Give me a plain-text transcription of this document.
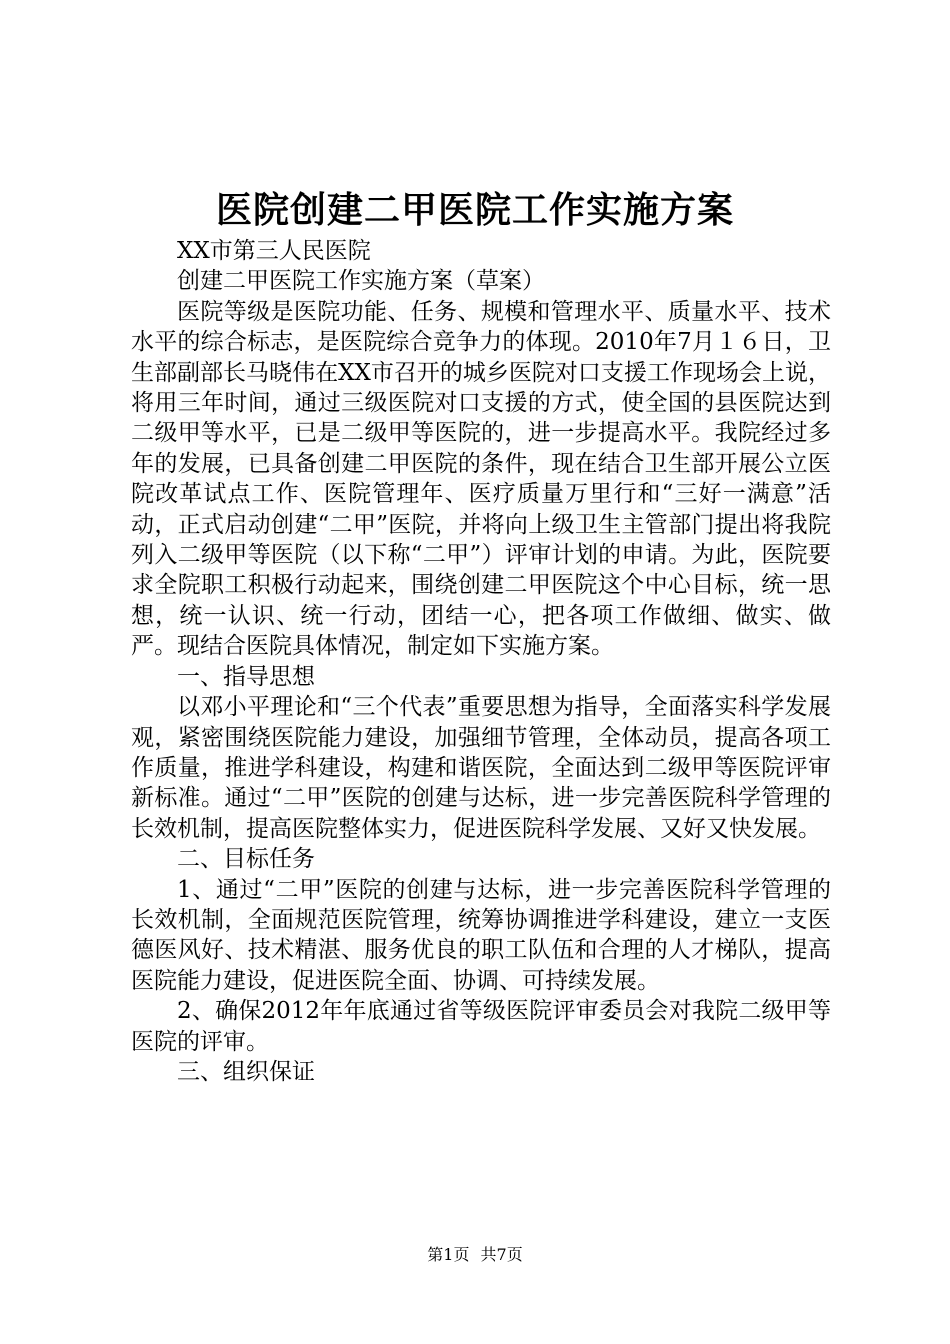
医院创建二甲医院工作实施方案

XX市第三人民医院

创建二甲医院工作实施方案（草案）

医院等级是医院功能、任务、规模和管理水平、质量水平、技术水平的综合标志，是医院综合竞争力的体现。2010年7月１６日，卫生部副部长马晓伟在XX市召开的城乡医院对口支援工作现场会上说，将用三年时间，通过三级医院对口支援的方式，使全国的县医院达到二级甲等水平，已是二级甲等医院的，进一步提高水平。我院经过多年的发展，已具备创建二甲医院的条件，现在结合卫生部开展公立医院改革试点工作、医院管理年、医疗质量万里行和“三好一满意”活动，正式启动创建“二甲”医院，并将向上级卫生主管部门提出将我院列入二级甲等医院（以下称“二甲”）评审计划的申请。为此，医院要求全院职工积极行动起来，围绕创建二甲医院这个中心目标，统一思想，统一认识、统一行动，团结一心，把各项工作做细、做实、做严。现结合医院具体情况，制定如下实施方案。

一、指导思想

以邓小平理论和“三个代表”重要思想为指导，全面落实科学发展观，紧密围绕医院能力建设，加强细节管理，全体动员，提高各项工作质量，推进学科建设，构建和谐医院，全面达到二级甲等医院评审新标准。通过“二甲”医院的创建与达标，进一步完善医院科学管理的长效机制，提高医院整体实力，促进医院科学发展、又好又快发展。

二、目标任务

1、通过“二甲”医院的创建与达标，进一步完善医院科学管理的长效机制，全面规范医院管理，统筹协调推进学科建设，建立一支医德医风好、技术精湛、服务优良的职工队伍和合理的人才梯队，提高医院能力建设，促进医院全面、协调、可持续发展。

2、确保2012年年底通过省等级医院评审委员会对我院二级甲等医院的评审。

三、组织保证

第1页 共7页
